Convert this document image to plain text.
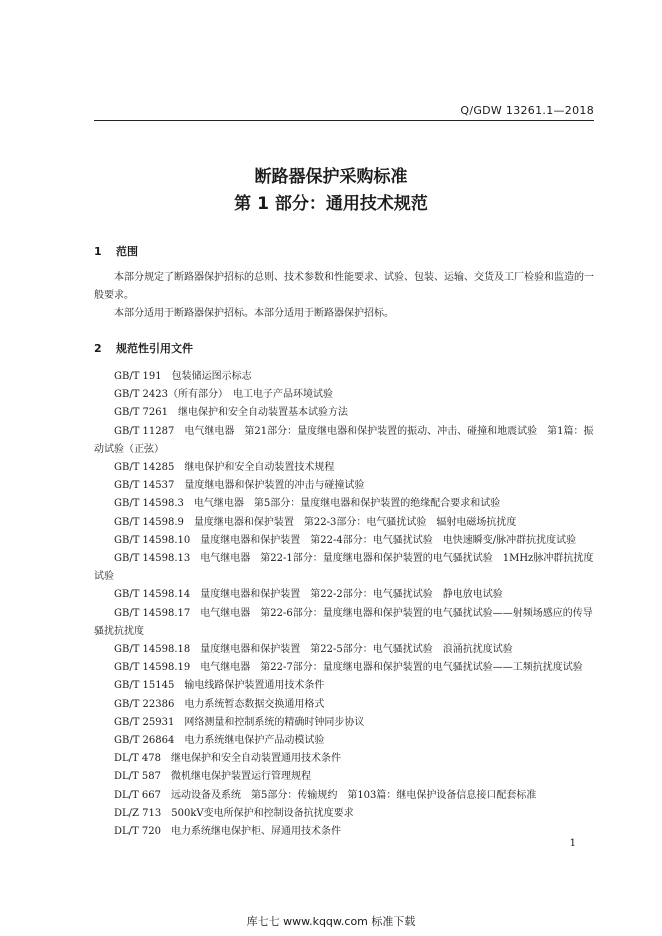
Q/GDW 13261.1—2018
断路器保护采购标准
第 1 部分：通用技术规范
1 范围
本部分规定了断路器保护招标的总则、技术参数和性能要求、试验、包装、运输、交货及工厂检验和监造的一般要求。
本部分适用于断路器保护招标。本部分适用于断路器保护招标。
2 规范性引用文件
GB/T 191　包装储运图示标志
GB/T 2423（所有部分）　电工电子产品环境试验
GB/T 7261　继电保护和安全自动装置基本试验方法
GB/T 11287　电气继电器　第21部分：量度继电器和保护装置的振动、冲击、碰撞和地震试验　第1篇：振动试验（正弦）
GB/T 14285　继电保护和安全自动装置技术规程
GB/T 14537　量度继电器和保护装置的冲击与碰撞试验
GB/T 14598.3　电气继电器　第5部分：量度继电器和保护装置的绝缘配合要求和试验
GB/T 14598.9　量度继电器和保护装置　第22-3部分：电气骚扰试验　辐射电磁场抗扰度
GB/T 14598.10　量度继电器和保护装置　第22-4部分：电气骚扰试验　电快速瞬变/脉冲群抗扰度试验
GB/T 14598.13　电气继电器　第22-1部分：量度继电器和保护装置的电气骚扰试验　1MHz脉冲群抗扰度试验
GB/T 14598.14　量度继电器和保护装置　第22-2部分：电气骚扰试验　静电放电试验
GB/T 14598.17　电气继电器　第22-6部分：量度继电器和保护装置的电气骚扰试验——射频场感应的传导骚扰抗扰度
GB/T 14598.18　量度继电器和保护装置　第22-5部分：电气骚扰试验　浪涌抗扰度试验
GB/T 14598.19　电气继电器　第22-7部分：量度继电器和保护装置的电气骚扰试验——工频抗扰度试验
GB/T 15145　输电线路保护装置通用技术条件
GB/T 22386　电力系统暂态数据交换通用格式
GB/T 25931　网络测量和控制系统的精确时钟同步协议
GB/T 26864　电力系统继电保护产品动模试验
DL/T 478　继电保护和安全自动装置通用技术条件
DL/T 587　微机继电保护装置运行管理规程
DL/T 667　远动设备及系统　第5部分：传输规约　第103篇：继电保护设备信息接口配套标准
DL/Z 713　500kV变电所保护和控制设备抗扰度要求
DL/T 720　电力系统继电保护柜、屏通用技术条件
1
库七七 www.kqqw.com 标准下载
